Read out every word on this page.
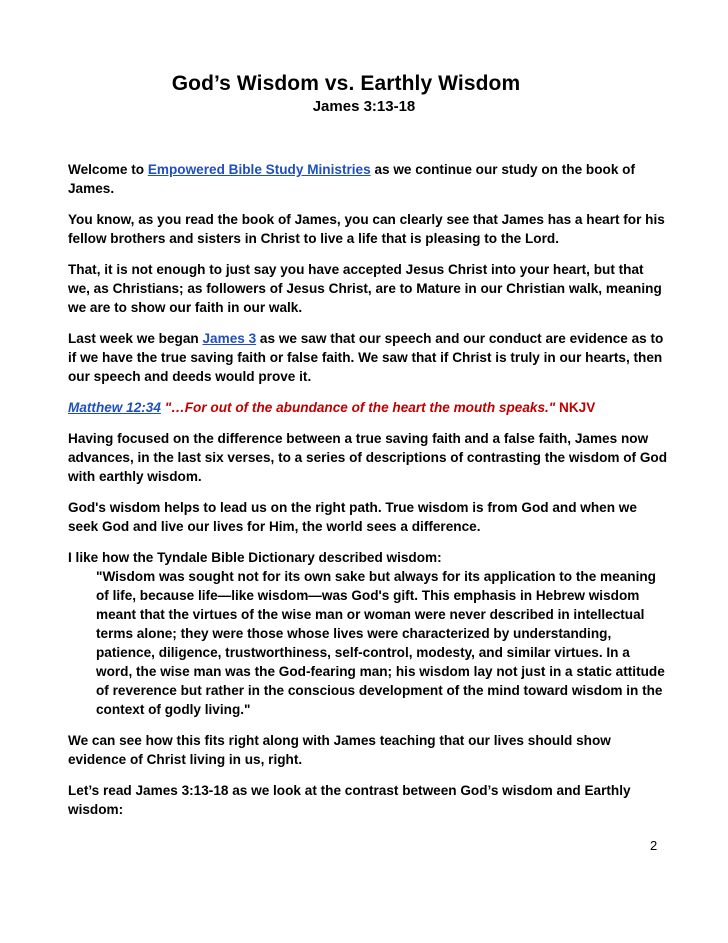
God’s Wisdom vs. Earthly Wisdom
James 3:13-18

Welcome to Empowered Bible Study Ministries as we continue our study on the book of James.

You know, as you read the book of James, you can clearly see that James has a heart for his fellow brothers and sisters in Christ to live a life that is pleasing to the Lord.

That, it is not enough to just say you have accepted Jesus Christ into your heart, but that we, as Christians; as followers of Jesus Christ, are to Mature in our Christian walk, meaning we are to show our faith in our walk.

Last week we began James 3 as we saw that our speech and our conduct are evidence as to if we have the true saving faith or false faith. We saw that if Christ is truly in our hearts, then our speech and deeds would prove it.

Matthew 12:34 "…For out of the abundance of the heart the mouth speaks." NKJV

Having focused on the difference between a true saving faith and a false faith, James now advances, in the last six verses, to a series of descriptions of contrasting the wisdom of God with earthly wisdom.

God's wisdom helps to lead us on the right path. True wisdom is from God and when we seek God and live our lives for Him, the world sees a difference.

I like how the Tyndale Bible Dictionary described wisdom:

"Wisdom was sought not for its own sake but always for its application to the meaning of life, because life—like wisdom—was God's gift. This emphasis in Hebrew wisdom meant that the virtues of the wise man or woman were never described in intellectual terms alone; they were those whose lives were characterized by understanding, patience, diligence, trustworthiness, self-control, modesty, and similar virtues. In a word, the wise man was the God-fearing man; his wisdom lay not just in a static attitude of reverence but rather in the conscious development of the mind toward wisdom in the context of godly living."

We can see how this fits right along with James teaching that our lives should show evidence of Christ living in us, right.

Let’s read James 3:13-18 as we look at the contrast between God’s wisdom and Earthly wisdom:

2
